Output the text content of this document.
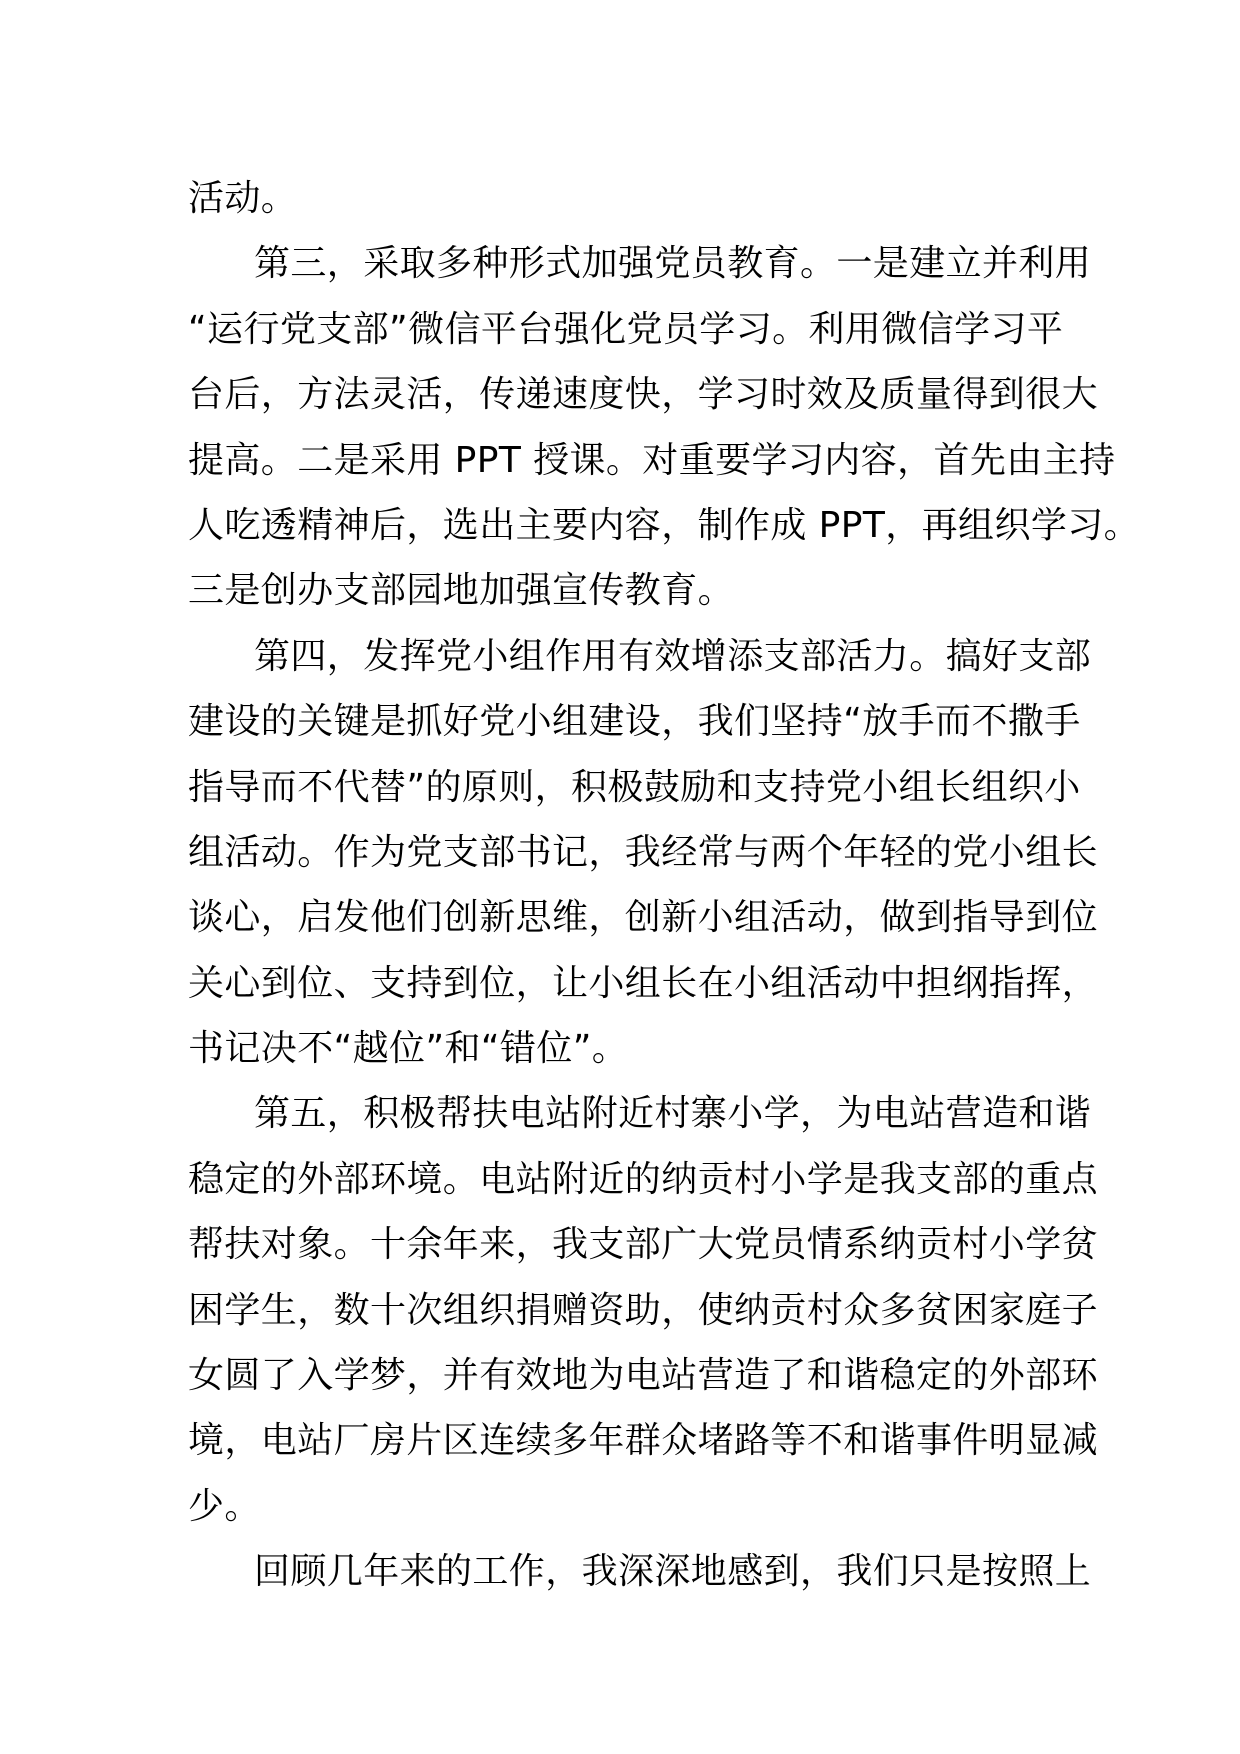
活动。
第三，采取多种形式加强党员教育。一是建立并利用
“运行党支部”微信平台强化党员学习。利用微信学习平
台后，方法灵活，传递速度快，学习时效及质量得到很大
提高。二是采用 PPT 授课。对重要学习内容，首先由主持
人吃透精神后，选出主要内容，制作成 PPT，再组织学习。
三是创办支部园地加强宣传教育。
第四，发挥党小组作用有效增添支部活力。搞好支部
建设的关键是抓好党小组建设，我们坚持“放手而不撒手
指导而不代替”的原则，积极鼓励和支持党小组长组织小
组活动。作为党支部书记，我经常与两个年轻的党小组长
谈心，启发他们创新思维，创新小组活动，做到指导到位
关心到位、支持到位，让小组长在小组活动中担纲指挥，
书记决不“越位”和“错位”。
第五，积极帮扶电站附近村寨小学，为电站营造和谐
稳定的外部环境。电站附近的纳贡村小学是我支部的重点
帮扶对象。十余年来，我支部广大党员情系纳贡村小学贫
困学生，数十次组织捐赠资助，使纳贡村众多贫困家庭子
女圆了入学梦，并有效地为电站营造了和谐稳定的外部环
境，电站厂房片区连续多年群众堵路等不和谐事件明显减
少。
回顾几年来的工作，我深深地感到，我们只是按照上
